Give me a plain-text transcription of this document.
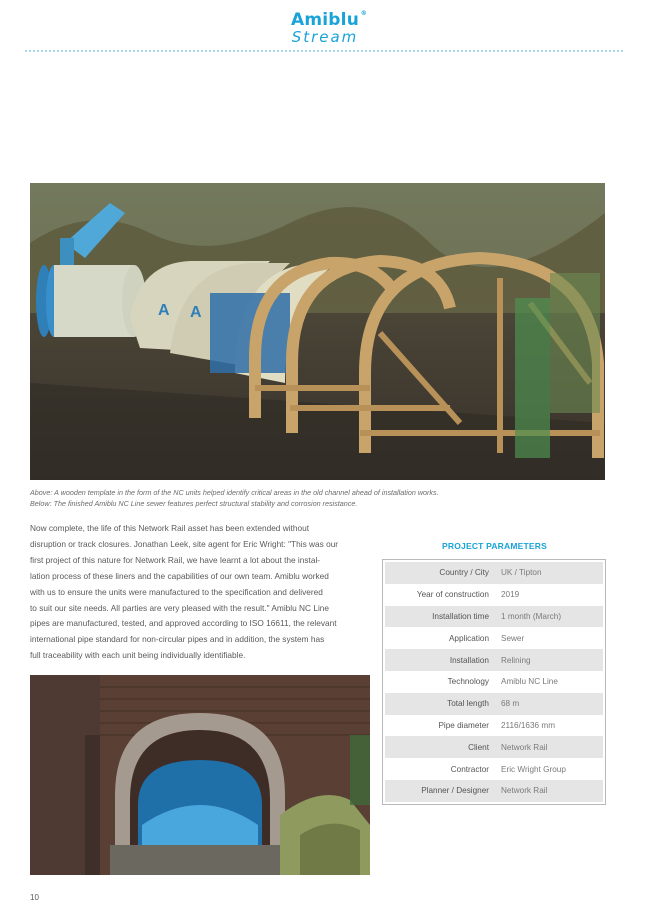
Amiblu ®
Stream
A A

Above: A wooden template in the form of the NC units helped identify critical areas in the old channel ahead of installation works.

Below: The finished Amiblu NC Line sewer features perfect structural stability and corrosion resistance.

Now complete, the life of this Network Rail asset has been extended without
disruption or track closures. Jonathan Leek, site agent for Eric Wright: "This was our
first project of this nature for Network Rail, we have learnt a lot about the instal-
lation process of these liners and the capabilities of our own team. Amiblu worked
with us to ensure the units were manufactured to the specification and delivered
to suit our site needs. All parties are very pleased with the result." Amiblu NC Line
pipes are manufactured, tested, and approved according to ISO 16611, the relevant
international pipe standard for non-circular pipes and in addition, the system has
full traceability with each unit being individually identifiable.
PROJECT PARAMETERS
Country / City	UK / Tipton
Year of construction	2019
Installation time	1 month (March)
Application	Sewer
Installation	Relining
Technology	Amiblu NC Line
Total length	68 m
Pipe diameter	2116/1636 mm
Client	Network Rail
Contractor	Eric Wright Group
Planner / Designer	Network Rail
10
